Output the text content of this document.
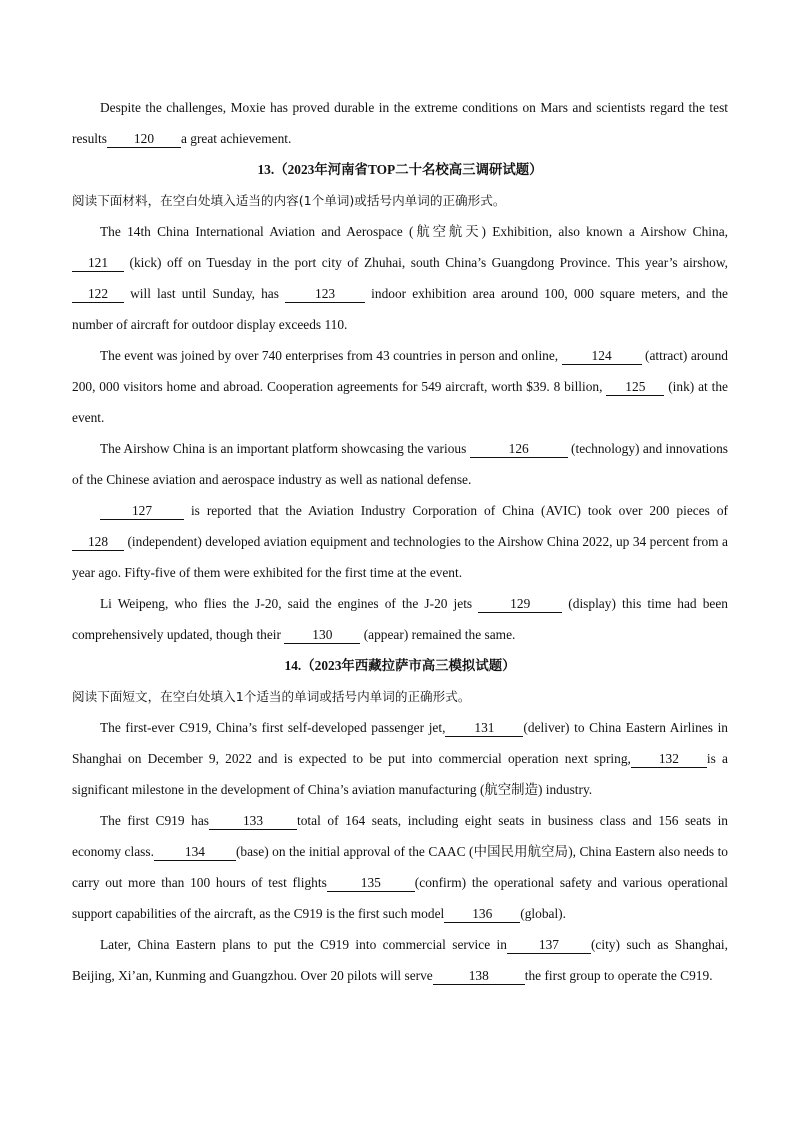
Despite the challenges, Moxie has proved durable in the extreme conditions on Mars and scientists regard the test results 120 a great achievement.

13.（2023年河南省TOP二十名校高三调研试题）

阅读下面材料，在空白处填入适当的内容(1个单词)或括号内单词的正确形式。

The 14th China International Aviation and Aerospace (航空航天) Exhibition, also known a Airshow China, 121 (kick) off on Tuesday in the port city of Zhuhai, south China’s Guangdong Province. This year’s airshow, 122 will last until Sunday, has 123 indoor exhibition area around 100, 000 square meters, and the number of aircraft for outdoor display exceeds 110.

The event was joined by over 740 enterprises from 43 countries in person and online, 124 (attract) around 200, 000 visitors home and abroad. Cooperation agreements for 549 aircraft, worth $39. 8 billion, 125 (ink) at the event.

The Airshow China is an important platform showcasing the various	126	(technology) and innovations of the Chinese aviation and aerospace industry as well as national defense.

127 is reported that the Aviation Industry Corporation of China (AVIC) took over 200 pieces of 128 (independent) developed aviation equipment and technologies to the Airshow China 2022, up 34 percent from a year ago. Fifty-five of them were exhibited for the first time at the event.

Li Weipeng, who flies the J-20, said the engines of the J-20 jets 129 (display) this time had been comprehensively updated, though their 130 (appear) remained the same.

14.（2023年西藏拉萨市高三模拟试题）

阅读下面短文，在空白处填入1个适当的单词或括号内单词的正确形式。

The first-ever C919, China’s first self-developed passenger jet, 131 (deliver) to China Eastern Airlines in Shanghai on December 9, 2022 and is expected to be put into commercial operation next spring, 132 is a significant milestone in the development of China’s aviation manufacturing (航空制造) industry.

The first C919 has	133	total of 164 seats, including eight seats in business class and 156 seats in economy class. 134 (base) on the initial approval of the CAAC (中国民用航空局), China Eastern also needs to carry out more than 100 hours of test flights	135	(confirm) the operational safety and various operational support capabilities of the aircraft, as the C919 is the first such model 136 (global).

Later, China Eastern plans to put the C919 into commercial service in 137 (city) such as Shanghai, Beijing, Xi’an, Kunming and Guangzhou. Over 20 pilots will serve	138	the first group to operate the C919.
